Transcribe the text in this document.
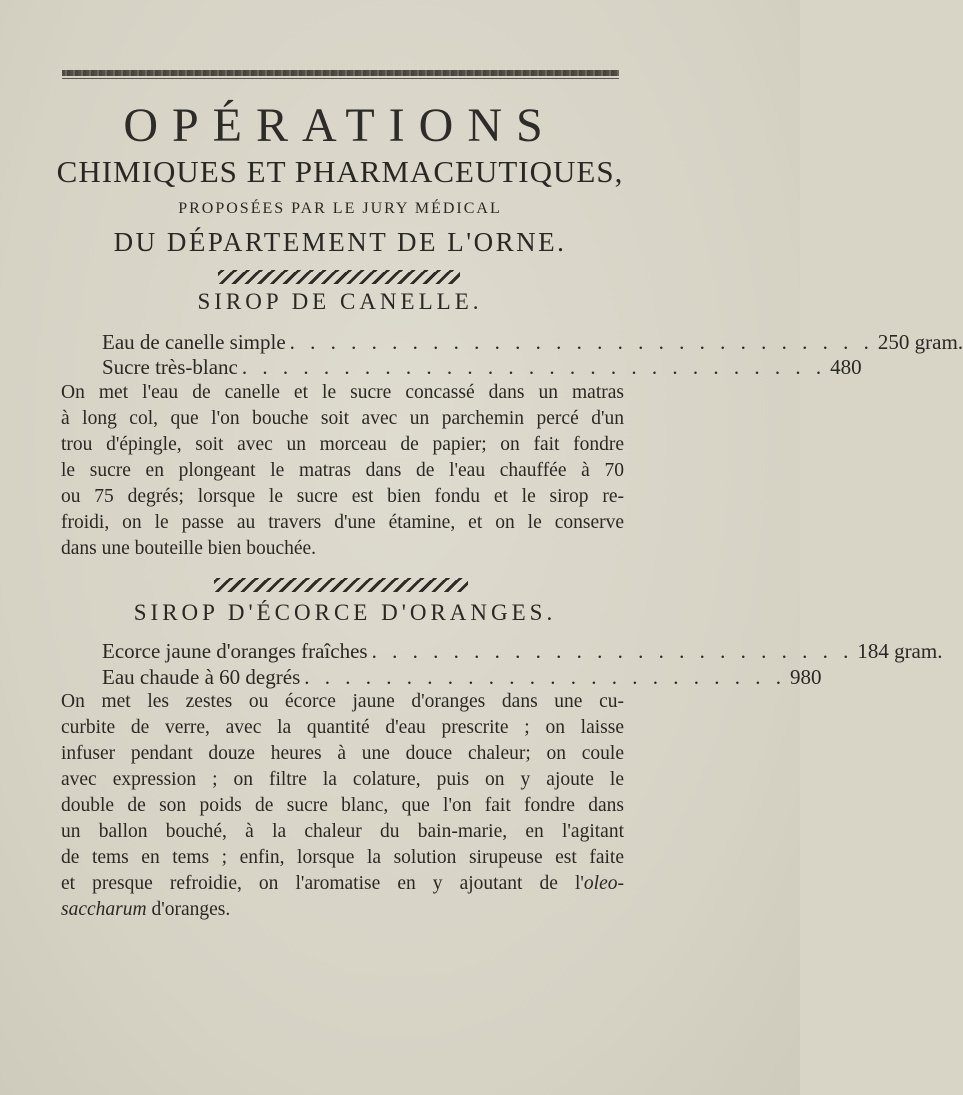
OPÉRATIONS
CHIMIQUES ET PHARMACEUTIQUES,
PROPOSÉES PAR LE JURY MÉDICAL
DU DÉPARTEMENT DE L'ORNE.
SIROP DE CANELLE.
Eau de canelle simple . . . . . . . . . . . . . . . . . . . . . . . . . . . . . 250 gram.
Sucre très-blanc . . . . . . . . . . . . . . . . . . . . . . . . . . . . . 480
On met l'eau de canelle et le sucre concassé dans un matras
à long col, que l'on bouche soit avec un parchemin percé d'un
trou d'épingle, soit avec un morceau de papier; on fait fondre
le sucre en plongeant le matras dans de l'eau chauffée à 70
ou 75 degrés; lorsque le sucre est bien fondu et le sirop re-
froidi, on le passe au travers d'une étamine, et on le conserve
dans une bouteille bien bouchée.
SIROP D'ÉCORCE D'ORANGES.
Ecorce jaune d'oranges fraîches . . . . . . . . . . . . . . . . . . . . . . . . 184 gram.
Eau chaude à 60 degrés . . . . . . . . . . . . . . . . . . . . . . . . 980
On met les zestes ou écorce jaune d'oranges dans une cu-
curbite de verre, avec la quantité d'eau prescrite ; on laisse
infuser pendant douze heures à une douce chaleur; on coule
avec expression ; on filtre la colature, puis on y ajoute le
double de son poids de sucre blanc, que l'on fait fondre dans
un ballon bouché, à la chaleur du bain-marie, en l'agitant
de tems en tems ; enfin, lorsque la solution sirupeuse est faite
et presque refroidie, on l'aromatise en y ajoutant de l'oleo-
saccharum d'oranges.
